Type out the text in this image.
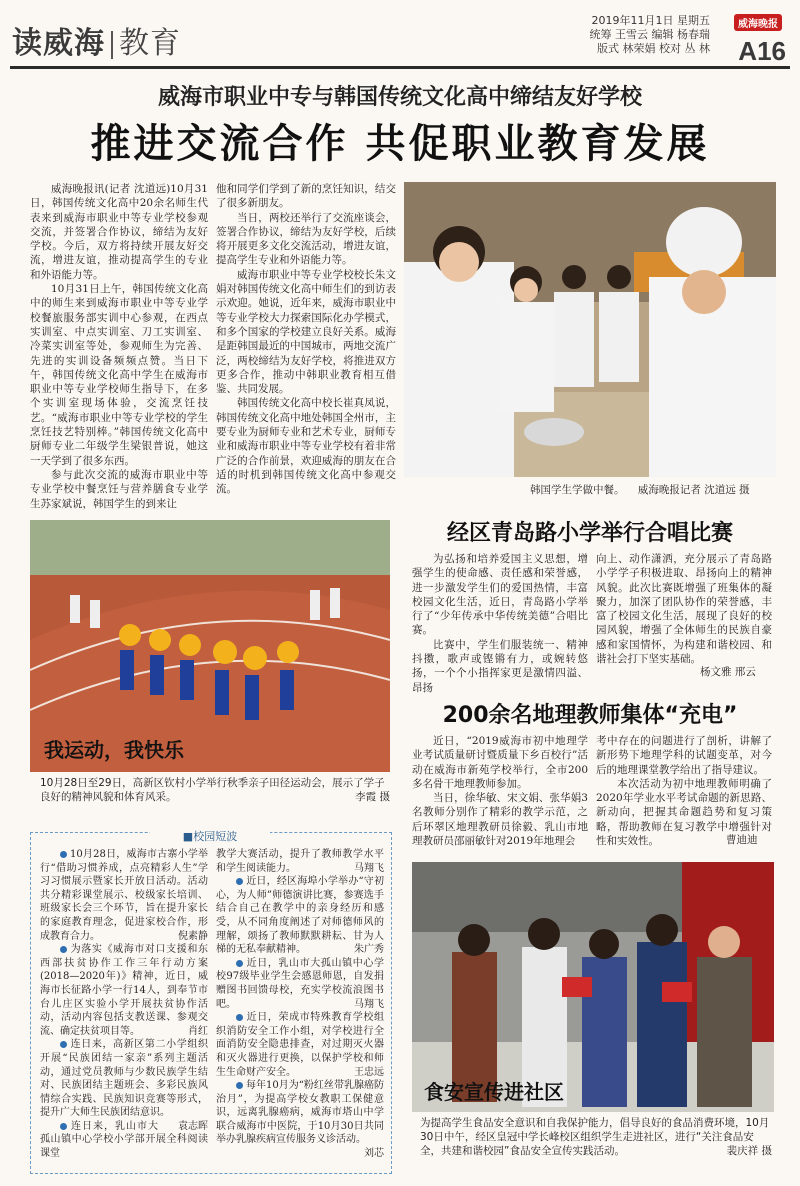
读威海 教育
2019年11月1日 星期五
统筹 王雪云 编辑 杨春瑞
版式 林荣娟 校对 丛 林
威海晚报
A16
威海市职业中专与韩国传统文化高中缔结友好学校
推进交流合作 共促职业教育发展

威海晚报讯(记者 沈道远)10月31日，韩国传统文化高中20余名师生代表来到威海市职业中等专业学校参观交流，并签署合作协议，缔结为友好学校。今后，双方将持续开展友好交流，增进友谊，推动提高学生的专业和外语能力等。

10月31日上午，韩国传统文化高中的师生来到威海市职业中等专业学校餐旅服务部实训中心参观，在西点实训室、中点实训室、刀工实训室、冷菜实训室等处，参观师生为完善、先进的实训设备频频点赞。当日下午，韩国传统文化高中学生在威海市职业中等专业学校师生指导下，在多个实训室现场体验，交流烹饪技艺。“威海市职业中等专业学校的学生烹饪技艺特别棒。”韩国传统文化高中厨师专业二年级学生梁银普说，她这一天学到了很多东西。

参与此次交流的威海市职业中等专业学校中餐烹饪与营养膳食专业学生苏家斌说，韩国学生的到来让

他和同学们学到了新的烹饪知识，结交了很多新朋友。

当日，两校还举行了交流座谈会，签署合作协议，缔结为友好学校，后续将开展更多文化交流活动，增进友谊，提高学生专业和外语能力等。

威海市职业中等专业学校校长朱文娟对韩国传统文化高中师生们的到访表示欢迎。她说，近年来，威海市职业中等专业学校大力探索国际化办学模式，和多个国家的学校建立良好关系。威海是距韩国最近的中国城市，两地交流广泛，两校缔结为友好学校，将推进双方更多合作，推动中韩职业教育相互借鉴、共同发展。

韩国传统文化高中校长崔真凤说，韩国传统文化高中地处韩国全州市，主要专业为厨师专业和艺术专业，厨师专业和威海市职业中等专业学校有着非常广泛的合作前景，欢迎威海的朋友在合适的时机到韩国传统文化高中参观交流。	韩国学生学做中餐。 威海晚报记者 沈道远 摄
我运动，我快乐
10月28日至29日，高新区钦村小学举行秋季亲子田径运动会，展示了学子良好的精神风貌和体育风采。	李霞 摄
经区青岛路小学举行合唱比赛

为弘扬和培养爱国主义思想，增强学生的使命感、责任感和荣誉感，进一步激发学生们的爱国热情，丰富校园文化生活，近日，青岛路小学举行了“少年传承中华传统美德”合唱比赛。

比赛中，学生们服装统一、精神抖擞，歌声或铿锵有力，或婉转悠扬，一个个小指挥家更是激情四溢、昂扬

向上、动作潇洒，充分展示了青岛路小学学子积极进取、昂扬向上的精神风貌。此次比赛既增强了班集体的凝聚力，加深了团队协作的荣誉感，丰富了校园文化生活，展现了良好的校园风貌，增强了全体师生的民族自豪感和家国情怀，为构建和谐校园、和谐社会打下坚实基础。

杨文雅 邢云
200余名地理教师集体“充电”

近日，“2019威海市初中地理学业考试质量研讨暨质量下乡百校行”活动在威海市新苑学校举行，全市200多名骨干地理教师参加。

当日，徐华敏、宋文娟、张华娟3名教师分别作了精彩的教学示范，之后环翠区地理教研员徐毅、乳山市地理教研员邵丽敏针对2019年地理会

考中存在的问题进行了剖析，讲解了新形势下地理学科的试题变革，对今后的地理课堂教学给出了指导建议。

本次活动为初中地理教师明确了2020年学业水平考试命题的新思路、新动向，把握其命题趋势和复习策略，帮助教师在复习教学中增强针对性和实效性。	曹迪迪
■校园短波

10月28日，威海市古寨小学举行“借助习惯养成，点亮精彩人生”学习习惯展示暨家长开放日活动。活动共分精彩课堂展示、校级家长培训、班级家长会三个环节，旨在提升家长的家庭教育理念，促进家校合作，形成教育合力。	倪素静

为落实《威海市对口支援和东西部扶贫协作工作三年行动方案(2018—2020年)》精神，近日，威海市长征路小学一行14人，到奉节市台儿庄区实验小学开展扶贫协作活动，活动内容包括支教送课、参观交流、确定扶贫项目等。	肖红

连日来，高新区第二小学组织开展“民族团结一家亲”系列主题活动，通过党员教师与少数民族学生结对、民族团结主题班会、多彩民族风情综合实践、民族知识竞赛等形式，提升广大师生民族团结意识。
袁志晖

连日来，乳山市大孤山镇中心学校小学部开展全科阅读课堂

教学大赛活动，提升了教师教学水平和学生阅读能力。	马翔飞

近日，经区海埠小学举办“守初心，为人师”师德演讲比赛，参赛选手结合自己在教学中的亲身经历和感受，从不同角度阐述了对师德师风的理解，颂扬了教师默默耕耘、甘为人梯的无私奉献精神。	朱广秀

近日，乳山市大孤山镇中心学校97级毕业学生会感恩师恩，自发捐赠图书回馈母校，充实学校流浪图书吧。	马翔飞

近日，荣成市特殊教育学校组织消防安全工作小组，对学校进行全面消防安全隐患排查，对过期灭火器和灭火器进行更换，以保护学校和师生生命财产安全。	王忠远

每年10月为“粉红丝带乳腺癌防治月”，为提高学校女教职工保健意识，远离乳腺癌病，威海市塔山中学联合威海市中医院，于10月30日共同举办乳腺疾病宣传服务义诊活动。
刘芯

食安宣传进社区
为提高学生食品安全意识和自我保护能力，倡导良好的食品消费环境，10月30日中午，经区皇冠中学长峰校区组织学生走进社区，进行“关注食品安全，共建和谐校园”食品安全宣传实践活动。	裴庆祥 摄
